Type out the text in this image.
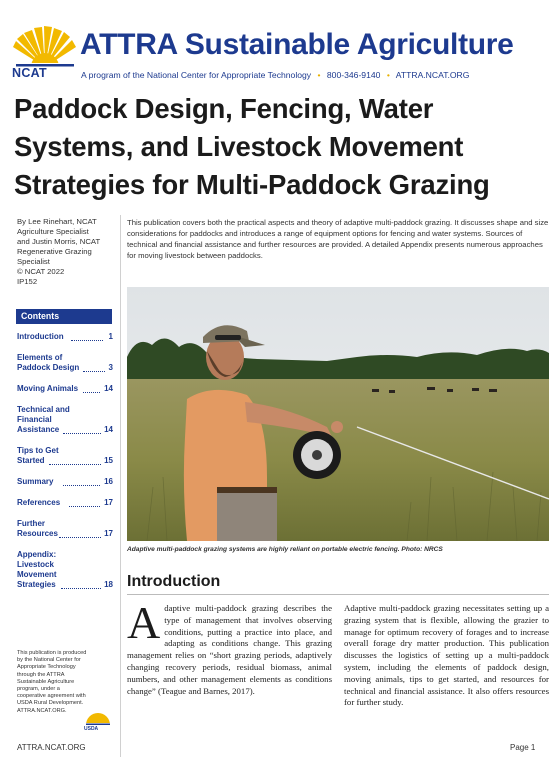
NCAT
ATTRA Sustainable Agriculture
A program of the National Center for Appropriate Technology • 800-346-9140 • ATTRA.NCAT.ORG
Paddock Design, Fencing, Water Systems, and Livestock Movement Strategies for Multi-Paddock Grazing
By Lee Rinehart, NCAT
Agriculture Specialist
and Justin Morris, NCAT
Regenerative Grazing
Specialist
© NCAT 2022
IP152
Contents
Introduction	1
Elements of Paddock Design	3
Moving Animals	14
Technical and Financial Assistance	14
Tips to Get Started	15
Summary	16
References	17
Further Resources	17
Appendix: Livestock Movement Strategies	18
This publication is produced by the National Center for Appropriate Technology through the ATTRA Sustainable Agriculture program, under a cooperative agreement with USDA Rural Development. ATTRA.NCAT.ORG.
USDA

This publication covers both the practical aspects and theory of adaptive multi-paddock grazing. It discusses shape and size considerations for paddocks and introduces a range of equipment options for fencing and water systems. Sources of technical and financial assistance and further resources are provided. A detailed Appendix presents numerous approaches for moving livestock between paddocks.

Adaptive multi-paddock grazing systems are highly reliant on portable electric fencing. Photo: NRCS
Introduction
A daptive multi-paddock grazing describes the type of management that involves observing conditions, putting a practice into place, and adapting as conditions change. This grazing management relies on “short grazing periods, adaptively changing recovery periods, residual biomass, animal numbers, and other management elements as conditions change” (Teague and Barnes, 2017).
Adaptive multi-paddock grazing necessitates setting up a grazing system that is flexible, allowing the grazier to manage for optimum recovery of forages and to increase overall forage dry matter production. This publication discusses the logistics of setting up a multi-paddock system, including the elements of paddock design, moving animals, tips to get started, and resources for technical and financial assistance. It also offers resources for further study.
ATTRA.NCAT.ORG	Page 1
